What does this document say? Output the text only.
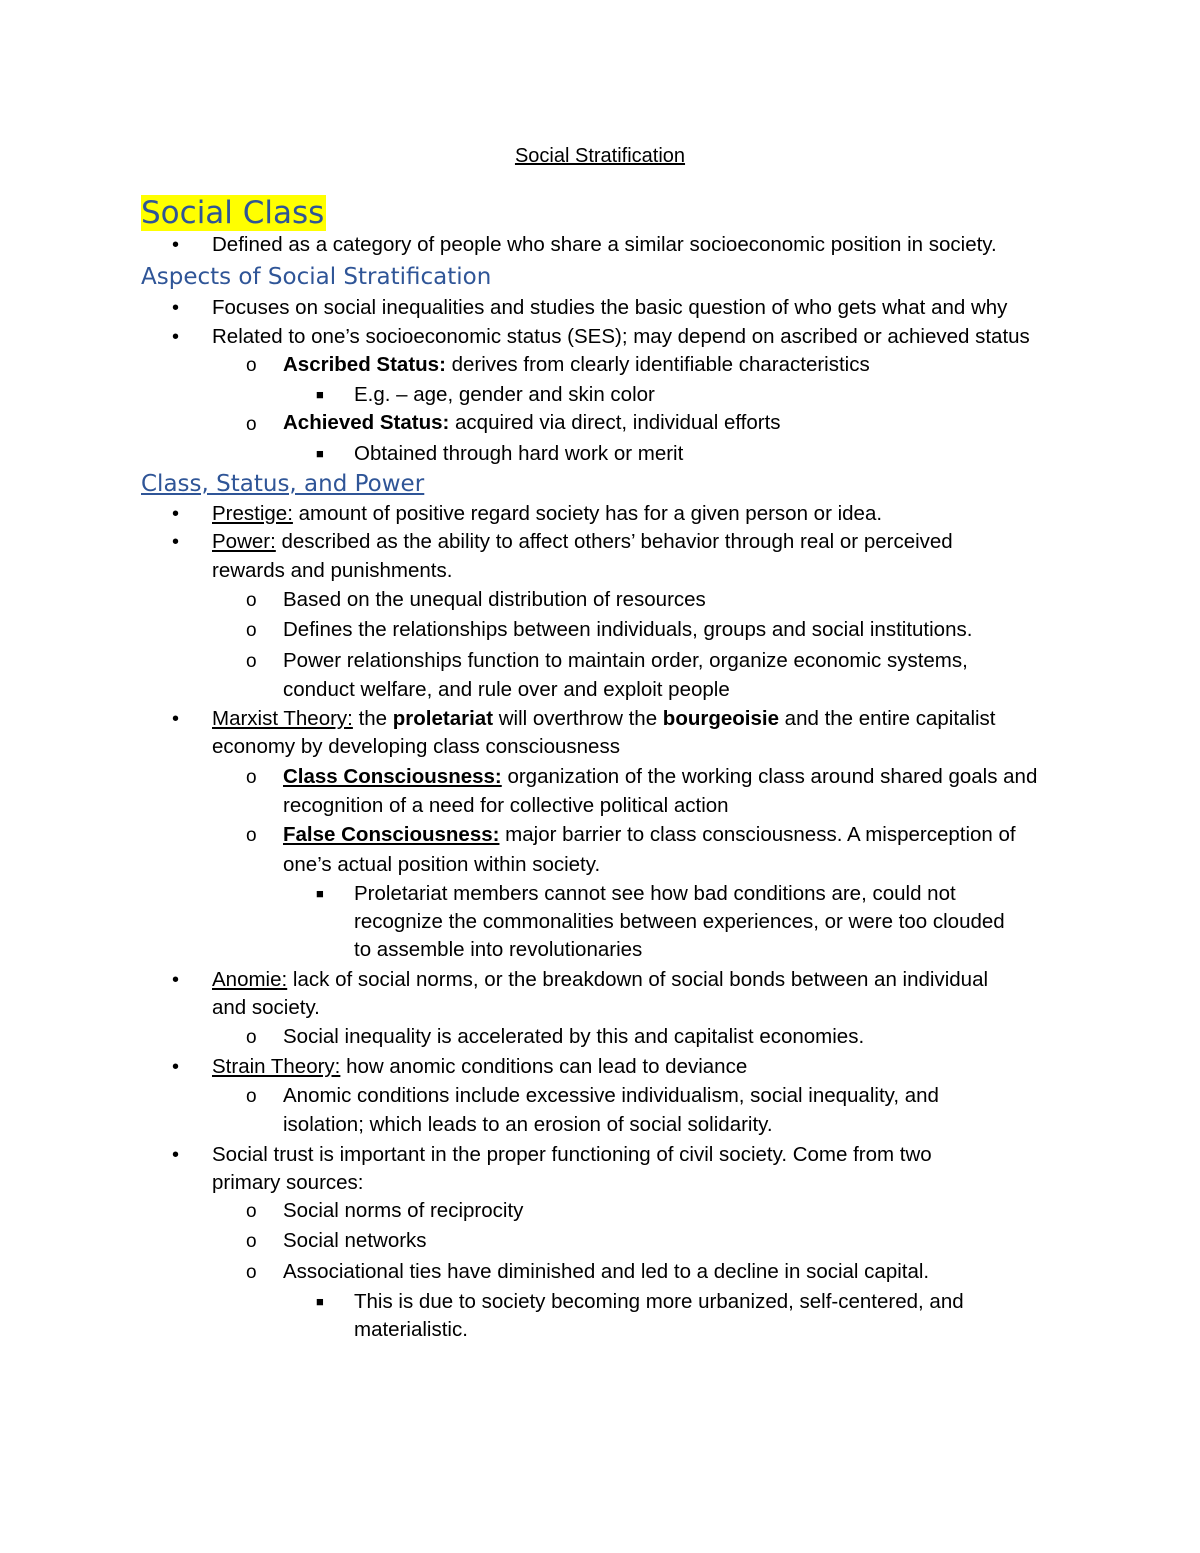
Social Stratification
Social Class
• Defined as a category of people who share a similar socioeconomic position in society.
Aspects of Social Stratification
• Focuses on social inequalities and studies the basic question of who gets what and why
• Related to one’s socioeconomic status (SES); may depend on ascribed or achieved status
o Ascribed Status: derives from clearly identifiable characteristics
■ E.g. – age, gender and skin color
o Achieved Status: acquired via direct, individual efforts
■ Obtained through hard work or merit
Class, Status, and Power
• Prestige: amount of positive regard society has for a given person or idea.
• Power: described as the ability to affect others’ behavior through real or perceived
rewards and punishments.
o Based on the unequal distribution of resources
o Defines the relationships between individuals, groups and social institutions.
o Power relationships function to maintain order, organize economic systems,
conduct welfare, and rule over and exploit people
• Marxist Theory: the proletariat will overthrow the bourgeoisie and the entire capitalist
economy by developing class consciousness
o Class Consciousness: organization of the working class around shared goals and
recognition of a need for collective political action
o False Consciousness: major barrier to class consciousness. A misperception of
one’s actual position within society.
■ Proletariat members cannot see how bad conditions are, could not
recognize the commonalities between experiences, or were too clouded
to assemble into revolutionaries
• Anomie: lack of social norms, or the breakdown of social bonds between an individual
and society.
o Social inequality is accelerated by this and capitalist economies.
• Strain Theory: how anomic conditions can lead to deviance
o Anomic conditions include excessive individualism, social inequality, and
isolation; which leads to an erosion of social solidarity.
• Social trust is important in the proper functioning of civil society. Come from two
primary sources:
o Social norms of reciprocity
o Social networks
o Associational ties have diminished and led to a decline in social capital.
■ This is due to society becoming more urbanized, self-centered, and
materialistic.
